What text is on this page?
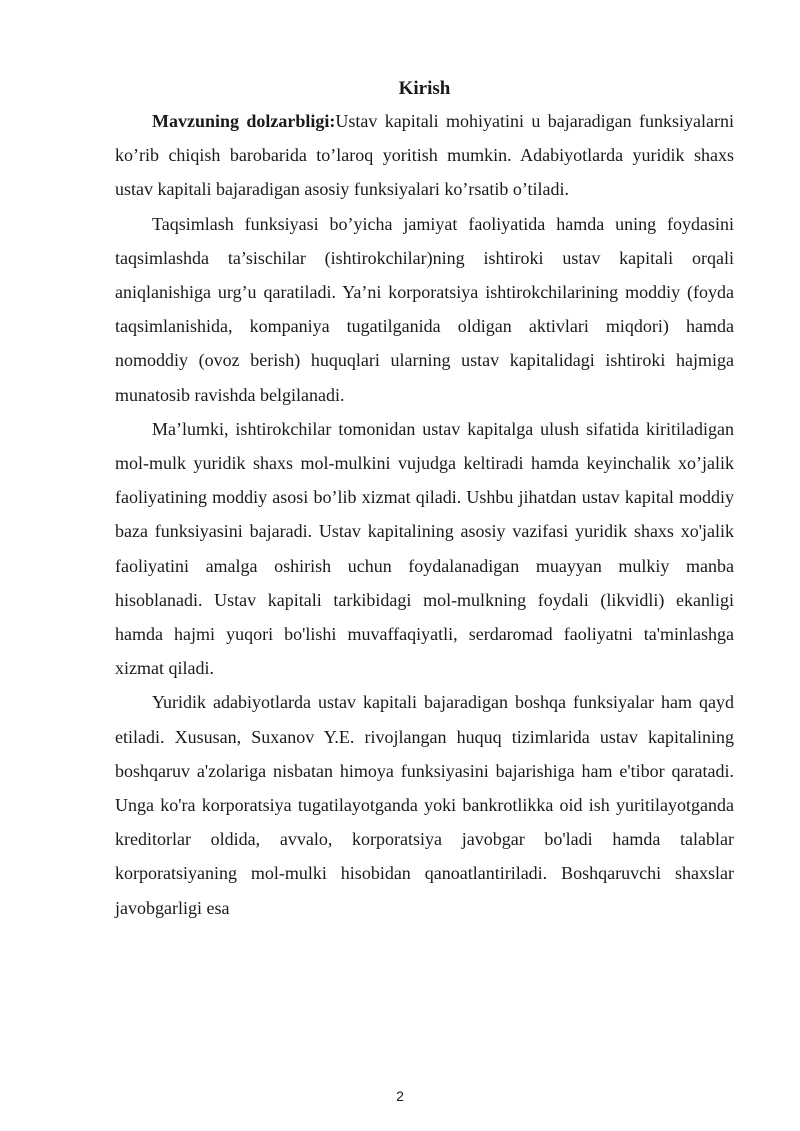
Kirish

Mavzuning dolzarbligi:Ustav kapitali mohiyatini u bajaradigan funksiyalarni ko’rib chiqish barobarida to’laroq yoritish mumkin. Adabiyotlarda yuridik shaxs ustav kapitali bajaradigan asosiy funksiyalari ko’rsatib o’tiladi.

Taqsimlash funksiyasi bo’yicha jamiyat faoliyatida hamda uning foydasini taqsimlashda ta’sischilar (ishtirokchilar)ning ishtiroki ustav kapitali orqali aniqlanishiga urg’u qaratiladi. Ya’ni korporatsiya ishtirokchilarining moddiy (foyda taqsimlanishida, kompaniya tugatilganida oldigan aktivlari miqdori) hamda nomoddiy (ovoz berish) huquqlari ularning ustav kapitalidagi ishtiroki hajmiga munatosib ravishda belgilanadi.

Ma’lumki, ishtirokchilar tomonidan ustav kapitalga ulush sifatida kiritiladigan mol-mulk yuridik shaxs mol-mulkini vujudga keltiradi hamda keyinchalik xo’jalik faoliyatining moddiy asosi bo’lib xizmat qiladi. Ushbu jihatdan ustav kapital moddiy baza funksiyasini bajaradi. Ustav kapitalining asosiy vazifasi yuridik shaxs xo'jalik faoliyatini amalga oshirish uchun foydalanadigan muayyan mulkiy manba hisoblanadi. Ustav kapitali tarkibidagi mol-mulkning foydali (likvidli) ekanligi hamda hajmi yuqori bo'lishi muvaffaqiyatli, serdaromad faoliyatni ta'minlashga xizmat qiladi.

Yuridik adabiyotlarda ustav kapitali bajaradigan boshqa funksiyalar ham qayd etiladi. Xususan, Suxanov Y.E. rivojlangan huquq tizimlarida ustav kapitalining boshqaruv a'zolariga nisbatan himoya funksiyasini bajarishiga ham e'tibor qaratadi. Unga ko'ra korporatsiya tugatilayotganda yoki bankrotlikka oid ish yuritilayotganda kreditorlar oldida, avvalo, korporatsiya javobgar bo'ladi hamda talablar korporatsiyaning mol-mulki hisobidan qanoatlantiriladi. Boshqaruvchi shaxslar javobgarligi esa

2
